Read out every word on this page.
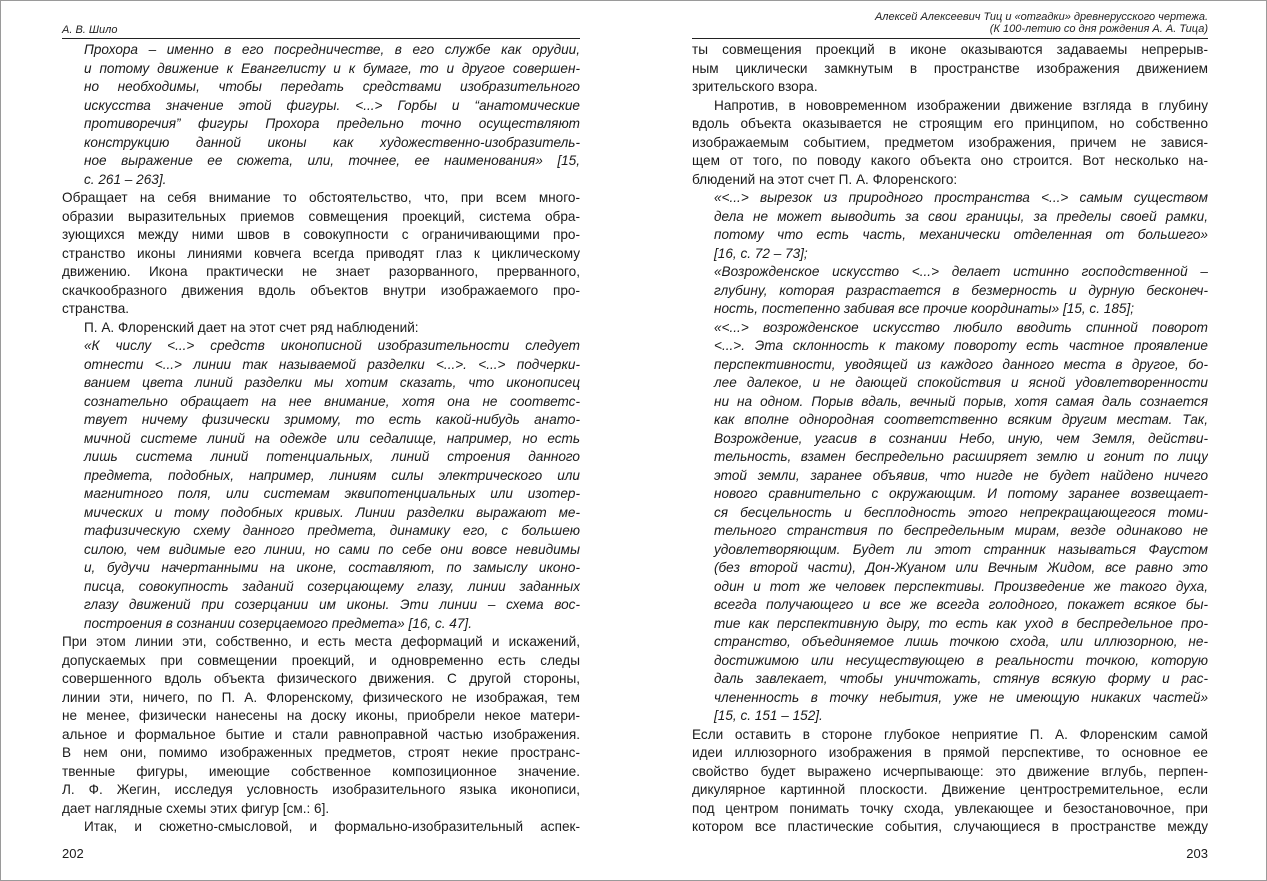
А. В. Шило
Прохора – именно в его посредничестве, в его службе как орудии,
и потому движение к Евангелисту и к бумаге, то и другое совершен-
но необходимы, чтобы передать средствами изобразительного
искусства значение этой фигуры. <...> Горбы и “анатомические
противоречия” фигуры Прохора предельно точно осуществляют
конструкцию данной иконы как художественно-изобразитель-
ное выражение ее сюжета, или, точнее, ее наименования» [15,
с. 261 – 263].
Обращает на себя внимание то обстоятельство, что, при всем много-
образии выразительных приемов совмещения проекций, система обра-
зующихся между ними швов в совокупности с ограничивающими про-
странство иконы линиями ковчега всегда приводят глаз к циклическому
движению. Икона практически не знает разорванного, прерванного,
скачкообразного движения вдоль объектов внутри изображаемого про-
странства.
П. А. Флоренский дает на этот счет ряд наблюдений:
«К числу <...> средств иконописной изобразительности следует
отнести <...> линии так называемой разделки <...>. <...> подчерки-
ванием цвета линий разделки мы хотим сказать, что иконописец
сознательно обращает на нее внимание, хотя она не соответс-
твует ничему физически зримому, то есть какой-нибудь анато-
мичной системе линий на одежде или седалище, например, но есть
лишь система линий потенциальных, линий строения данного
предмета, подобных, например, линиям силы электрического или
магнитного поля, или системам эквипотенциальных или изотер-
мических и тому подобных кривых. Линии разделки выражают ме-
тафизическую схему данного предмета, динамику его, с большею
силою, чем видимые его линии, но сами по себе они вовсе невидимы
и, будучи начертанными на иконе, составляют, по замыслу иконо-
писца, совокупность заданий созерцающему глазу, линии заданных
глазу движений при созерцании им иконы. Эти линии – схема вос-
построения в сознании созерцаемого предмета» [16, с. 47].
При этом линии эти, собственно, и есть места деформаций и искажений,
допускаемых при совмещении проекций, и одновременно есть следы
совершенного вдоль объекта физического движения. С другой стороны,
линии эти, ничего, по П. А. Флоренскому, физического не изображая, тем
не менее, физически нанесены на доску иконы, приобрели некое матери-
альное и формальное бытие и стали равноправной частью изображения.
В нем они, помимо изображенных предметов, строят некие пространс-
твенные фигуры, имеющие собственное композиционное значение.
Л. Ф. Жегин, исследуя условность изобразительного языка иконописи,
дает наглядные схемы этих фигур [см.: 6].
Итак, и сюжетно-смысловой, и формально-изобразительный аспек-
202
Алексей Алексеевич Тиц и «отгадки» древнерусского чертежа.
(К 100-летию со дня рождения А. А. Тица)
ты совмещения проекций в иконе оказываются задаваемы непрерыв-
ным циклически замкнутым в пространстве изображения движением
зрительского взора.
Напротив, в нововременном изображении движение взгляда в глубину
вдоль объекта оказывается не строящим его принципом, но собственно
изображаемым событием, предметом изображения, причем не завися-
щем от того, по поводу какого объекта оно строится. Вот несколько на-
блюдений на этот счет П. А. Флоренского:
«<...> вырезок из природного пространства <...> самым существом
дела не может выводить за свои границы, за пределы своей рамки,
потому что есть часть, механически отделенная от большего»
[16, с. 72 – 73];
«Возрожденское искусство <...> делает истинно господственной –
глубину, которая разрастается в безмерность и дурную бесконеч-
ность, постепенно забивая все прочие координаты» [15, с. 185];
«<...> возрожденское искусство любило вводить спинной поворот
<...>. Эта склонность к такому повороту есть частное проявление
перспективности, уводящей из каждого данного места в другое, бо-
лее далекое, и не дающей спокойствия и ясной удовлетворенности
ни на одном. Порыв вдаль, вечный порыв, хотя самая даль сознается
как вполне однородная соответственно всяким другим местам. Так,
Возрождение, угасив в сознании Небо, иную, чем Земля, действи-
тельность, взамен беспредельно расширяет землю и гонит по лицу
этой земли, заранее объявив, что нигде не будет найдено ничего
нового сравнительно с окружающим. И потому заранее возвещает-
ся бесцельность и бесплодность этого непрекращающегося томи-
тельного странствия по беспредельным мирам, везде одинаково не
удовлетворяющим. Будет ли этот странник называться Фаустом
(без второй части), Дон-Жуаном или Вечным Жидом, все равно это
один и тот же человек перспективы. Произведение же такого духа,
всегда получающего и все же всегда голодного, покажет всякое бы-
тие как перспективную дыру, то есть как уход в беспредельное про-
странство, объединяемое лишь точкою схода, или иллюзорною, не-
достижимою или несуществующею в реальности точкою, которую
даль завлекает, чтобы уничтожать, стянув всякую форму и рас-
члененность в точку небытия, уже не имеющую никаких частей»
[15, с. 151 – 152].
Если оставить в стороне глубокое неприятие П. А. Флоренским самой
идеи иллюзорного изображения в прямой перспективе, то основное ее
свойство будет выражено исчерпывающе: это движение вглубь, перпен-
дикулярное картинной плоскости. Движение центростремительное, если
под центром понимать точку схода, увлекающее и безостановочное, при
котором все пластические события, случающиеся в пространстве между
203
